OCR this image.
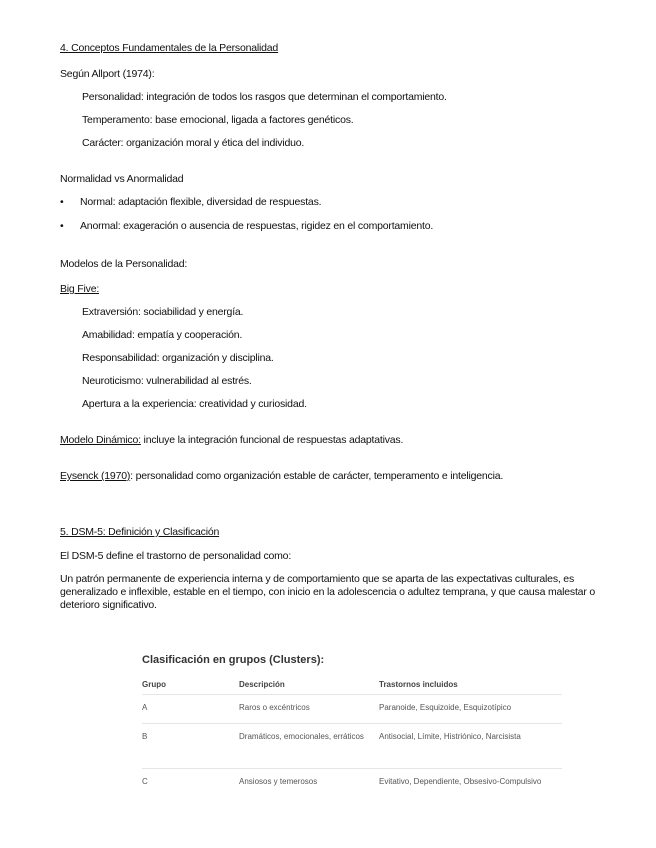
4. Conceptos Fundamentales de la Personalidad
Según Allport (1974):
Personalidad: integración de todos los rasgos que determinan el comportamiento.
Temperamento: base emocional, ligada a factores genéticos.
Carácter: organización moral y ética del individuo.
Normalidad vs Anormalidad
• Normal: adaptación flexible, diversidad de respuestas.
• Anormal: exageración o ausencia de respuestas, rigidez en el comportamiento.
Modelos de la Personalidad:
Big Five:
Extraversión: sociabilidad y energía.
Amabilidad: empatía y cooperación.
Responsabilidad: organización y disciplina.
Neuroticismo: vulnerabilidad al estrés.
Apertura a la experiencia: creatividad y curiosidad.
Modelo Dinámico: incluye la integración funcional de respuestas adaptativas.
Eysenck (1970): personalidad como organización estable de carácter, temperamento e inteligencia.
5. DSM-5: Definición y Clasificación
El DSM-5 define el trastorno de personalidad como:
Un patrón permanente de experiencia interna y de comportamiento que se aparta de las expectativas culturales, es generalizado e inflexible, estable en el tiempo, con inicio en la adolescencia o adultez temprana, y que causa malestar o deterioro significativo.
Clasificación en grupos (Clusters):
Grupo	Descripción	Trastornos incluidos
A	Raros o excéntricos	Paranoide, Esquizoide, Esquizotípico
B	Dramáticos, emocionales, erráticos	Antisocial, Límite, Histriónico, Narcisista
C	Ansiosos y temerosos	Evitativo, Dependiente, Obsesivo-Compulsivo
